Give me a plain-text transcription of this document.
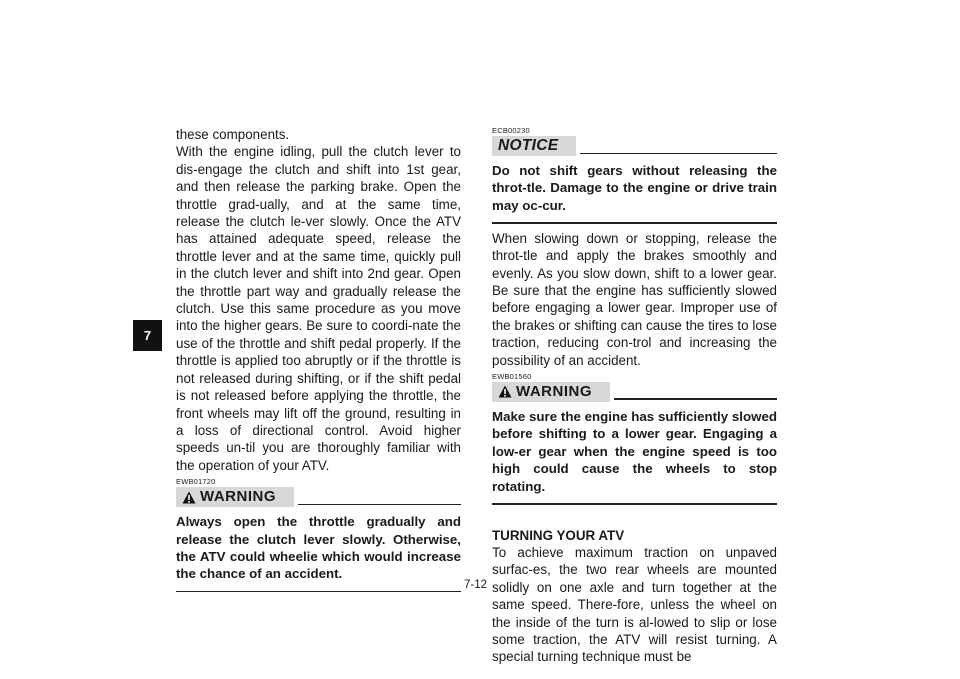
7

these components.

With the engine idling, pull the clutch lever to dis-engage the clutch and shift into 1st gear, and then release the parking brake. Open the throttle grad-ually, and at the same time, release the clutch le-ver slowly. Once the ATV has attained adequate speed, release the throttle lever and at the same time, quickly pull in the clutch lever and shift into 2nd gear. Open the throttle part way and gradually release the clutch. Use this same procedure as you move into the higher gears. Be sure to coordi-nate the use of the throttle and shift pedal properly. If the throttle is applied too abruptly or if the throttle is not released during shifting, or if the shift pedal is not released before applying the throttle, the front wheels may lift off the ground, resulting in a loss of directional control. Avoid higher speeds un-til you are thoroughly familiar with the operation of your ATV.

EWB01720

WARNING

Always open the throttle gradually and release the clutch lever slowly. Otherwise, the ATV could wheelie which would increase the chance of an accident.

ECB00230

NOTICE

Do not shift gears without releasing the throt-tle. Damage to the engine or drive train may oc-cur.

When slowing down or stopping, release the throt-tle and apply the brakes smoothly and evenly. As you slow down, shift to a lower gear. Be sure that the engine has sufficiently slowed before engaging a lower gear. Improper use of the brakes or shifting can cause the tires to lose traction, reducing con-trol and increasing the possibility of an accident.

EWB01560

WARNING

Make sure the engine has sufficiently slowed before shifting to a lower gear. Engaging a low-er gear when the engine speed is too high could cause the wheels to stop rotating.

TURNING YOUR ATV

To achieve maximum traction on unpaved surfac-es, the two rear wheels are mounted solidly on one axle and turn together at the same speed. There-fore, unless the wheel on the inside of the turn is al-lowed to slip or lose some traction, the ATV will resist turning. A special turning technique must be

7-12
